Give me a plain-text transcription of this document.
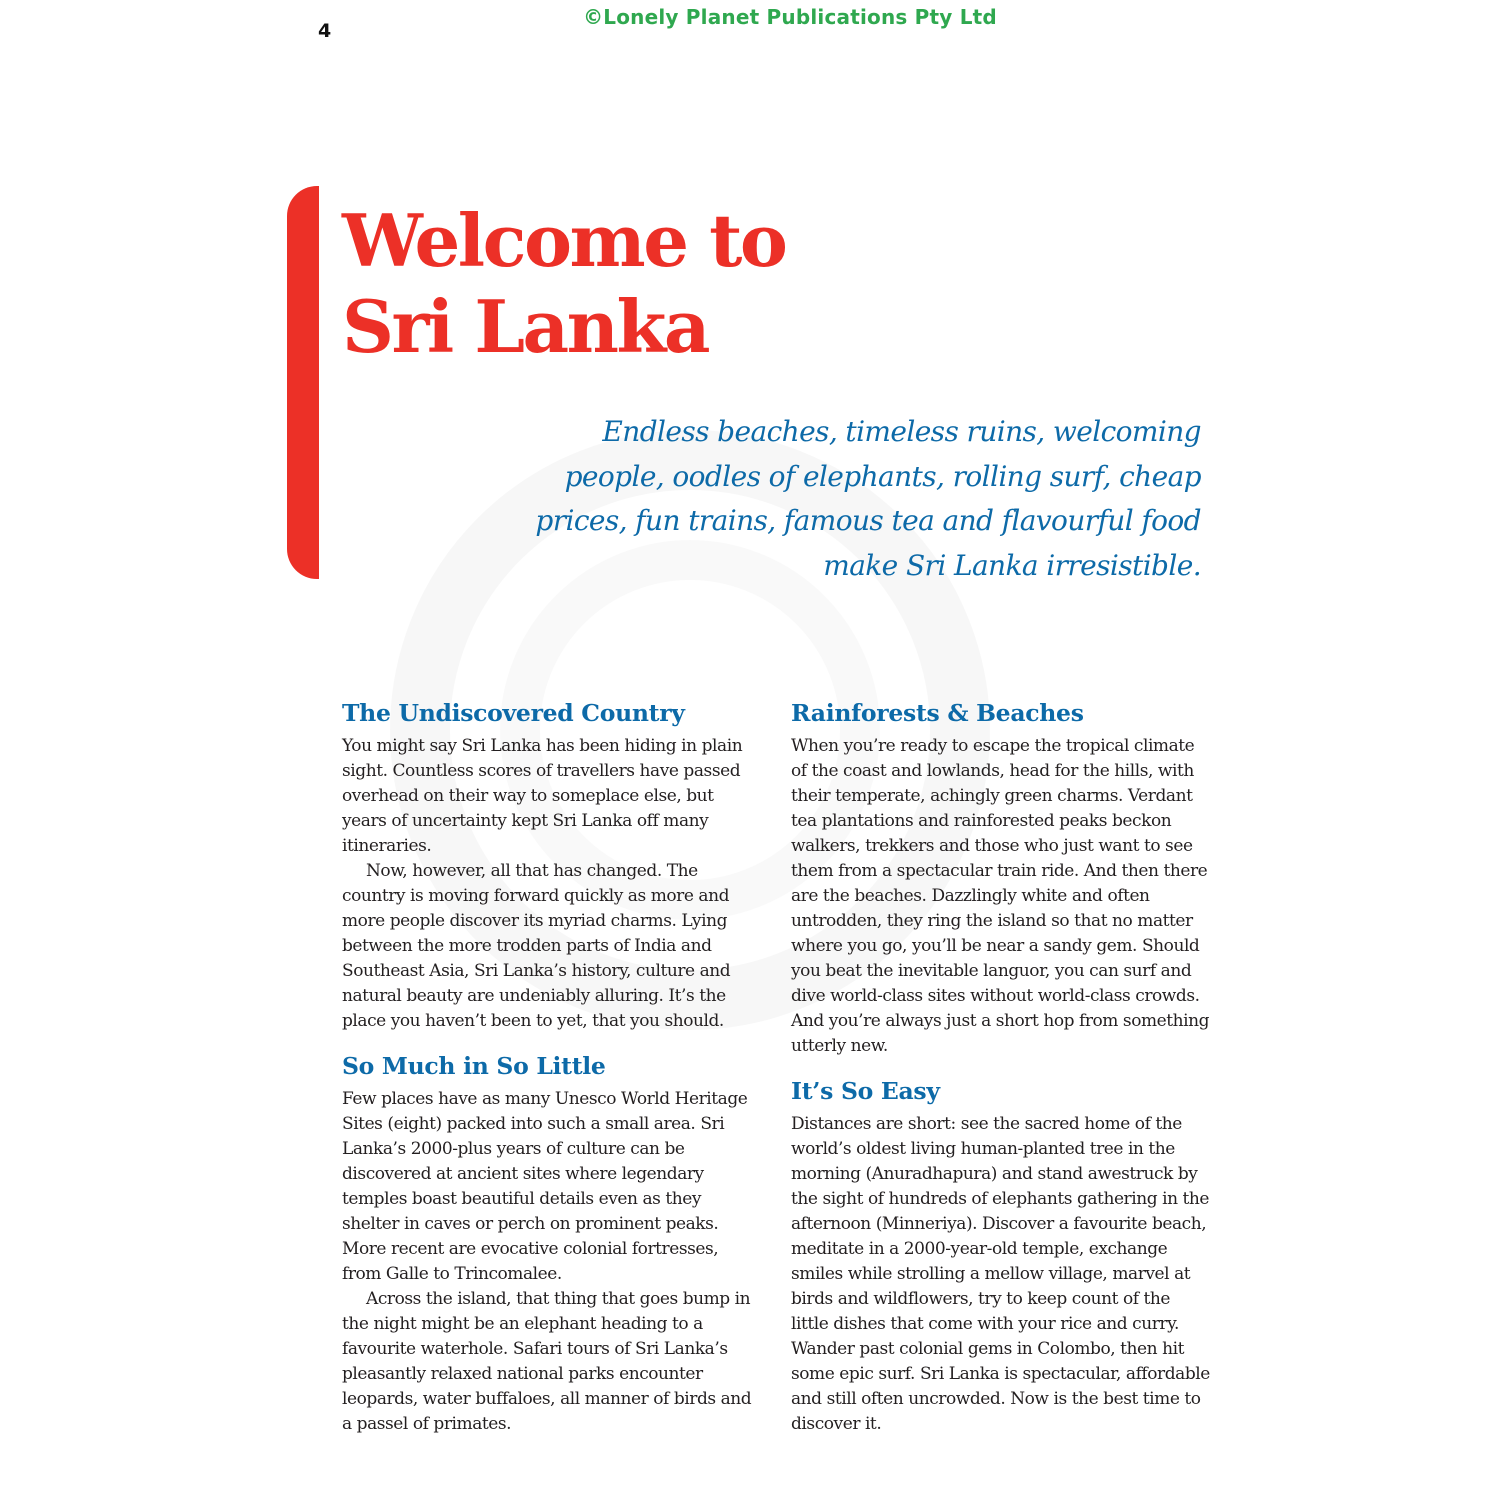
©Lonely Planet Publications Pty Ltd
4
Welcome to
Sri Lanka

Endless beaches, timeless ruins, welcoming people, oodles of elephants, rolling surf, cheap prices, fun trains, famous tea and flavourful food make Sri Lanka irresistible.

The Undiscovered Country

You might say Sri Lanka has been hiding in plain sight. Countless scores of travellers have passed overhead on their way to someplace else, but years of uncertainty kept Sri Lanka off many itineraries.

Now, however, all that has changed. The country is moving forward quickly as more and more people discover its myriad charms. Lying between the more trodden parts of India and Southeast Asia, Sri Lanka’s history, culture and natural beauty are undeniably alluring. It’s the place you haven’t been to yet, that you should.

So Much in So Little

Few places have as many Unesco World Heritage Sites (eight) packed into such a small area. Sri Lanka’s 2000-plus years of culture can be discovered at ancient sites where legendary temples boast beautiful details even as they shelter in caves or perch on prominent peaks. More recent are evocative colonial fortresses, from Galle to Trincomalee.

Across the island, that thing that goes bump in the night might be an elephant heading to a favourite waterhole. Safari tours of Sri Lanka’s pleasantly relaxed national parks encounter leopards, water buffaloes, all manner of birds and a passel of primates.

Rainforests & Beaches

When you’re ready to escape the tropical climate of the coast and lowlands, head for the hills, with their temperate, achingly green charms. Verdant tea plantations and rainforested peaks beckon walkers, trekkers and those who just want to see them from a spectacular train ride. And then there are the beaches. Dazzlingly white and often untrodden, they ring the island so that no matter where you go, you’ll be near a sandy gem. Should you beat the inevitable languor, you can surf and dive world-class sites without world-class crowds. And you’re always just a short hop from something utterly new.

It’s So Easy

Distances are short: see the sacred home of the world’s oldest living human-planted tree in the morning (Anuradhapura) and stand awestruck by the sight of hundreds of elephants gathering in the afternoon (Minneriya). Discover a favourite beach, meditate in a 2000-year-old temple, exchange smiles while strolling a mellow village, marvel at birds and wildflowers, try to keep count of the little dishes that come with your rice and curry. Wander past colonial gems in Colombo, then hit some epic surf. Sri Lanka is spectacular, affordable and still often uncrowded. Now is the best time to discover it.
